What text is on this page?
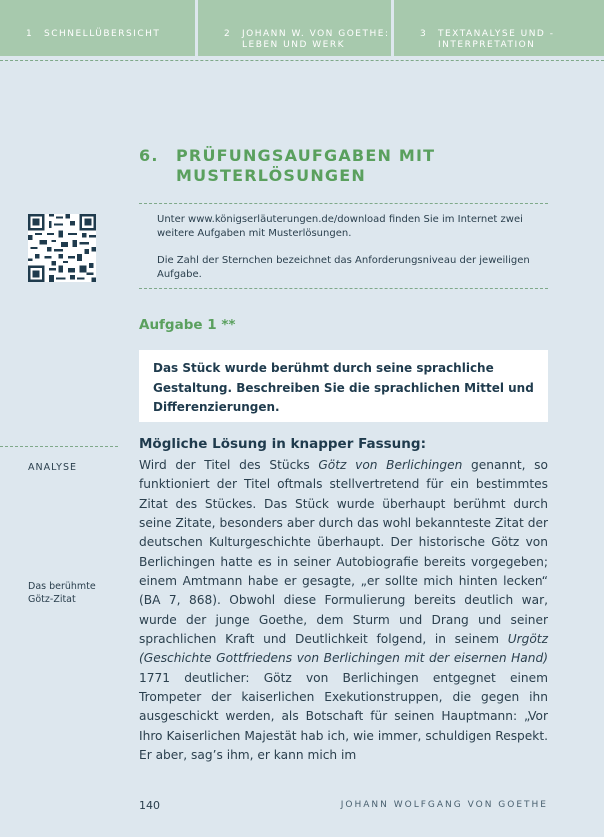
1	SCHNELLÜBERSICHT	2	JOHANN W. VON GOETHE: LEBEN UND WERK
3	TEXTANALYSE UND -INTERPRETATION
6. PRÜFUNGSAUFGABEN MIT MUSTERLÖSUNGEN
Unter www.königserläuterungen.de/download finden Sie im Internet zwei weitere Aufgaben mit Musterlösungen.
Die Zahl der Sternchen bezeichnet das Anforderungsniveau der jeweiligen Aufgabe.
Aufgabe 1 **
Das Stück wurde berühmt durch seine sprachliche Gestaltung. Beschreiben Sie die sprachlichen Mittel und Differenzierungen.
ANALYSE
Das berühmte Götz-Zitat
Mögliche Lösung in knapper Fassung:
Wird der Titel des Stücks Götz von Berlichingen genannt, so funktioniert der Titel oftmals stellvertretend für ein bestimmtes Zitat des Stückes. Das Stück wurde überhaupt berühmt durch seine Zitate, besonders aber durch das wohl bekannteste Zitat der deutschen Kulturgeschichte überhaupt. Der historische Götz von Berlichingen hatte es in seiner Autobiografie bereits vorgegeben; einem Amtmann habe er gesagte, „er sollte mich hinten lecken“ (BA 7, 868). Obwohl diese Formulierung bereits deutlich war, wurde der junge Goethe, dem Sturm und Drang und seiner sprachlichen Kraft und Deutlichkeit folgend, in seinem Urgötz (Geschichte Gottfriedens von Berlichingen mit der eisernen Hand) 1771 deutlicher: Götz von Berlichingen entgegnet einem Trompeter der kaiserlichen Exekutionstruppen, die gegen ihn ausgeschickt werden, als Botschaft für seinen Hauptmann: „Vor Ihro Kaiserlichen Majestät hab ich, wie immer, schuldigen Respekt. Er aber, sag’s ihm, er kann mich im
140	JOHANN WOLFGANG VON GOETHE
